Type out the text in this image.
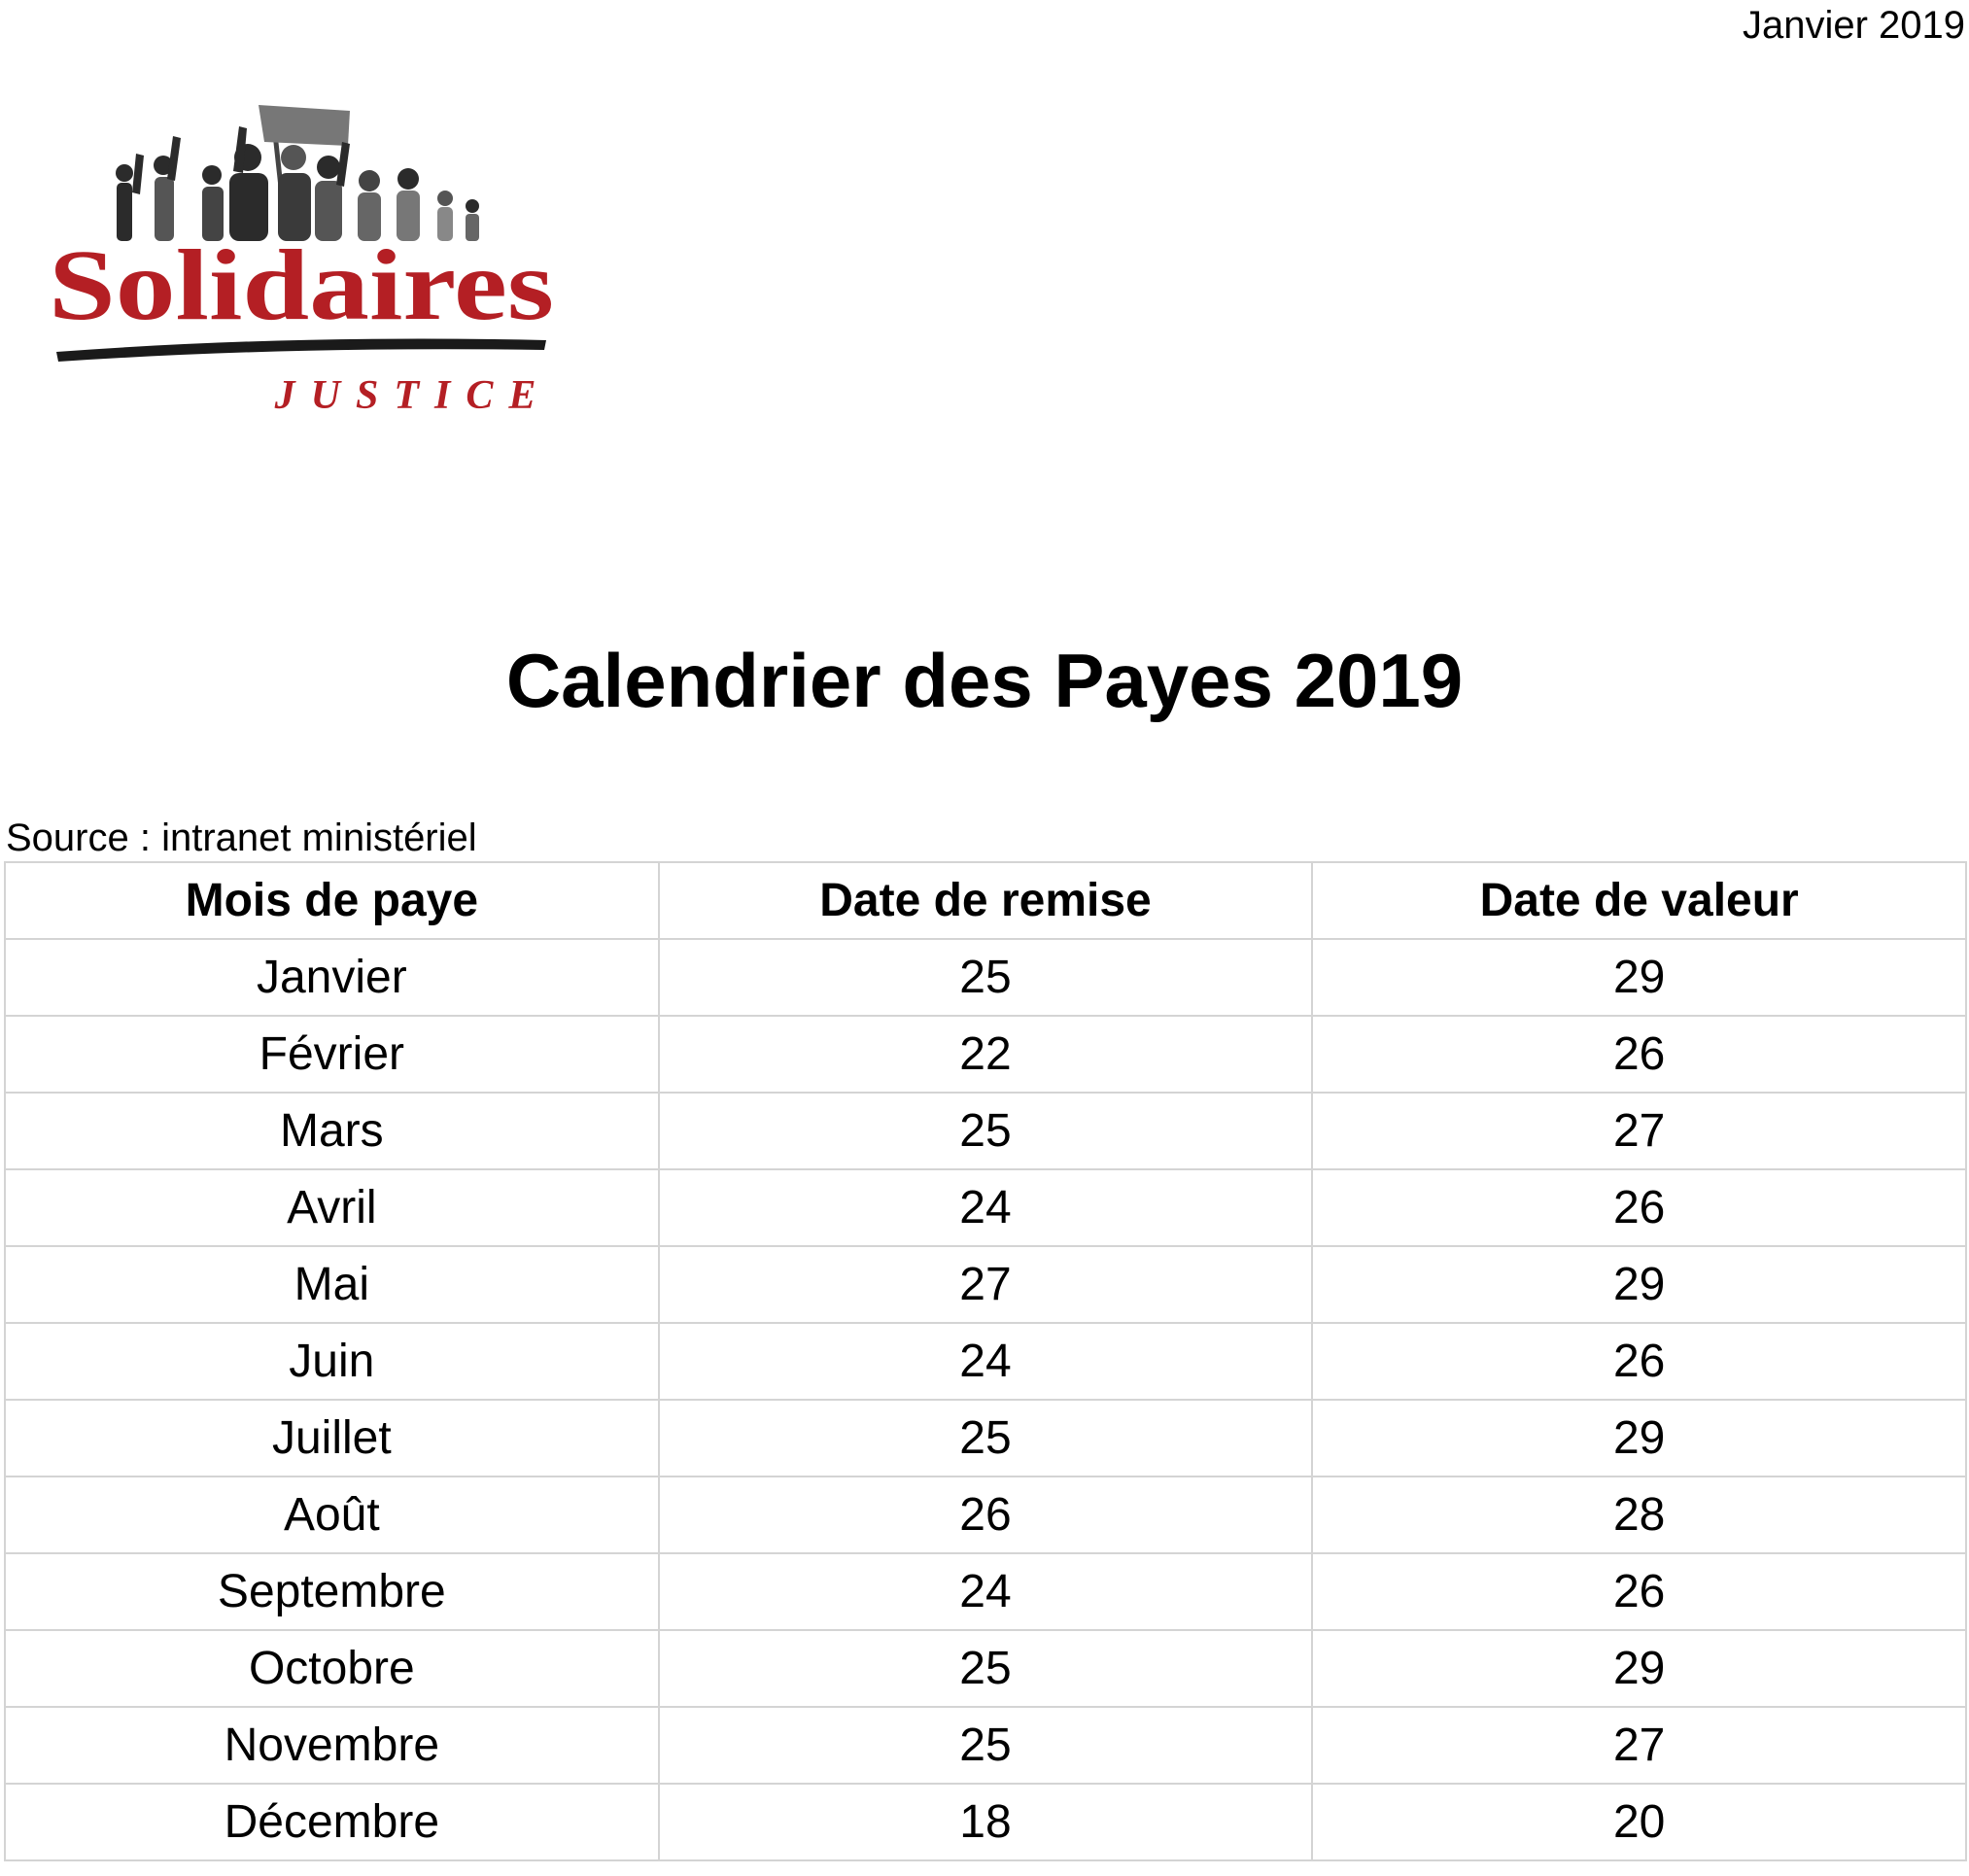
Janvier 2019
Solidaires
JUSTICE
Calendrier des Payes 2019
Source : intranet ministériel
Mois de paye	Date de remise	Date de valeur
Janvier	25	29
Février	22	26
Mars	25	27
Avril	24	26
Mai	27	29
Juin	24	26
Juillet	25	29
Août	26	28
Septembre	24	26
Octobre	25	29
Novembre	25	27
Décembre	18	20
